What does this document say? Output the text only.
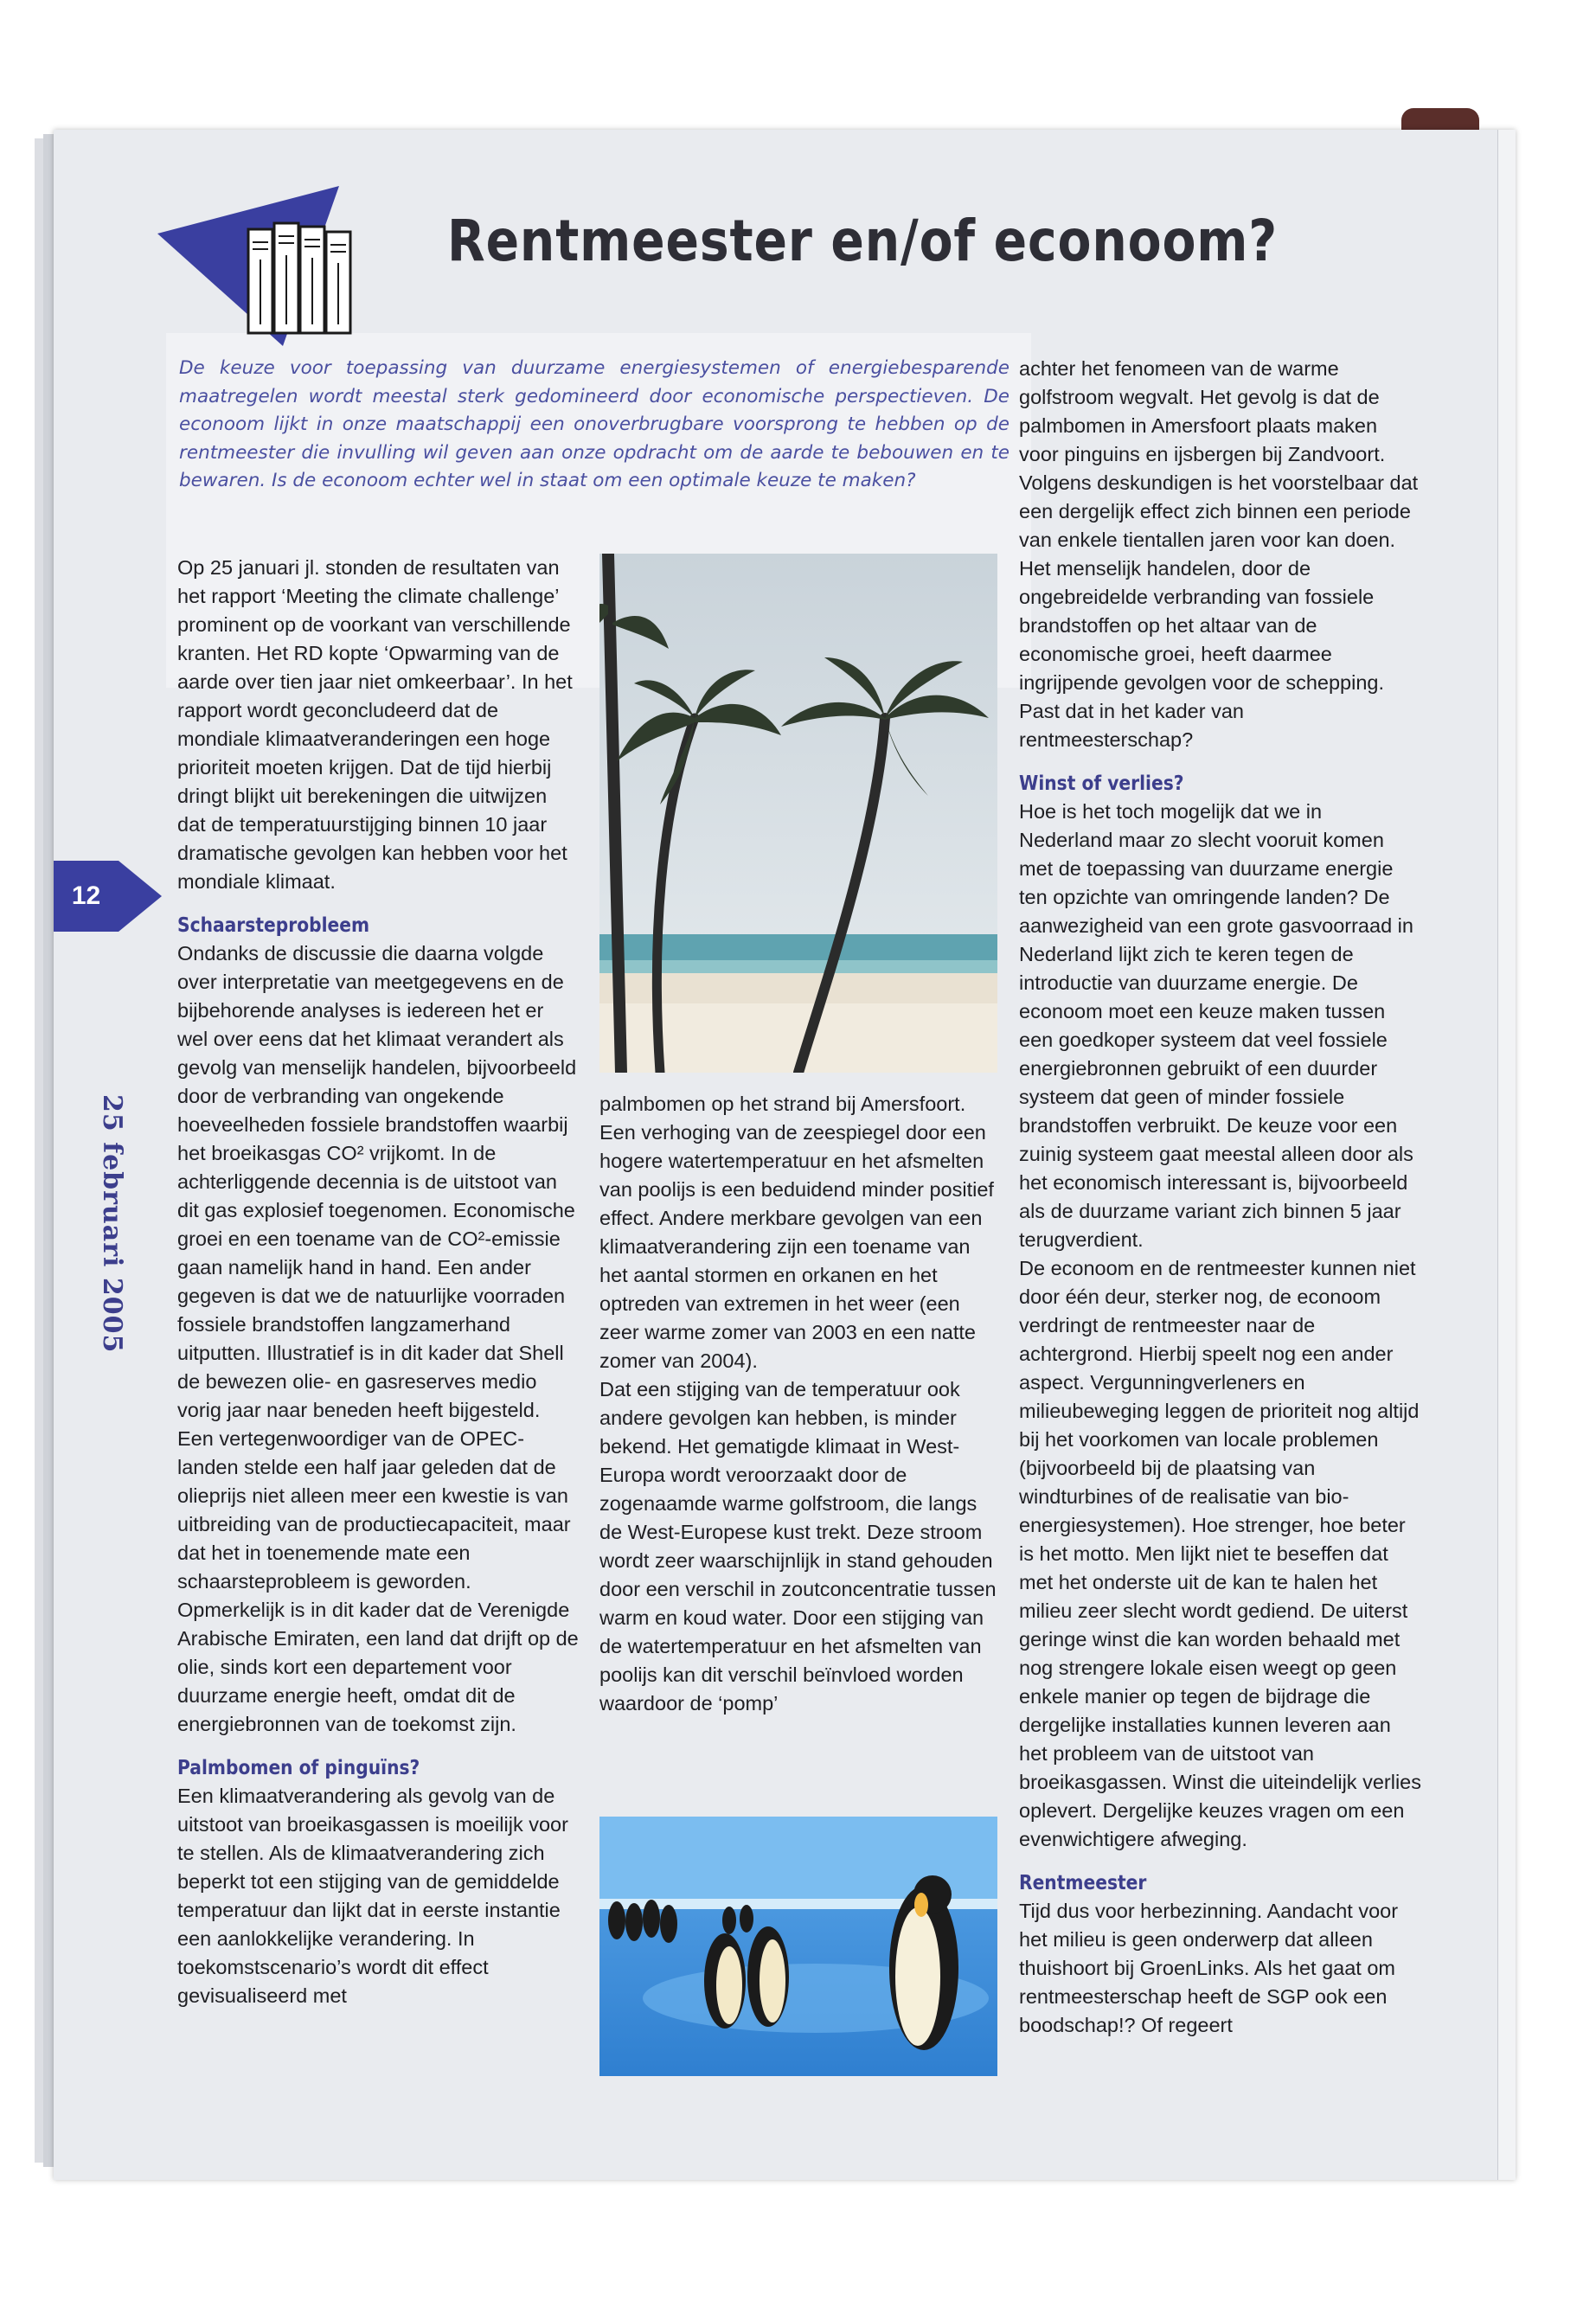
Rentmeester en/of econoom?
De keuze voor toepassing van duurzame energiesystemen of energiebesparende maatregelen wordt meestal sterk gedomineerd door economische perspectieven. De econoom lijkt in onze maatschappij een onoverbrugbare voorsprong te hebben op de rentmeester die invulling wil geven aan onze opdracht om de aarde te bebouwen en te bewaren. Is de econoom echter wel in staat om een optimale keuze te maken?
12
25 februari 2005

Op 25 januari jl. stonden de resultaten van het rapport ‘Meeting the climate challenge’ prominent op de voorkant van verschillende kranten. Het RD kopte ‘Opwarming van de aarde over tien jaar niet omkeerbaar’. In het rapport wordt geconcludeerd dat de mondiale klimaatveranderingen een hoge prioriteit moeten krijgen. Dat de tijd hierbij dringt blijkt uit berekeningen die uitwijzen dat de temperatuurstijging binnen 10 jaar dramatische gevolgen kan hebben voor het mondiale klimaat.

Schaarsteprobleem

Ondanks de discussie die daarna volgde over interpretatie van meetgegevens en de bijbehorende analyses is iedereen het er wel over eens dat het klimaat verandert als gevolg van menselijk handelen, bijvoorbeeld door de verbranding van ongekende hoeveelheden fossiele brandstoffen waarbij het broeikasgas CO² vrijkomt. In de achterliggende decennia is de uitstoot van dit gas explosief toegenomen. Economische groei en een toename van de CO²-emissie gaan namelijk hand in hand. Een ander gegeven is dat we de natuurlijke voorraden fossiele brandstoffen langzamerhand uitputten. Illustratief is in dit kader dat Shell de bewezen olie- en gasreserves medio vorig jaar naar beneden heeft bijgesteld. Een vertegenwoordiger van de OPEC-landen stelde een half jaar geleden dat de olieprijs niet alleen meer een kwestie is van uitbreiding van de productiecapaciteit, maar dat het in toenemende mate een schaarsteprobleem is geworden. Opmerkelijk is in dit kader dat de Verenigde Arabische Emiraten, een land dat drijft op de olie, sinds kort een departement voor duurzame energie heeft, omdat dit de energiebronnen van de toekomst zijn.

Palmbomen of pinguïns?

Een klimaatverandering als gevolg van de uitstoot van broeikasgassen is moeilijk voor te stellen. Als de klimaatverandering zich beperkt tot een stijging van de gemiddelde temperatuur dan lijkt dat in eerste instantie een aanlokkelijke verandering. In toekomstscenario’s wordt dit effect gevisualiseerd met

palmbomen op het strand bij Amersfoort. Een verhoging van de zeespiegel door een hogere watertemperatuur en het afsmelten van poolijs is een beduidend minder positief effect. Andere merkbare gevolgen van een klimaatverandering zijn een toename van het aantal stormen en orkanen en het optreden van extremen in het weer (een zeer warme zomer van 2003 en een natte zomer van 2004).

Dat een stijging van de temperatuur ook andere gevolgen kan hebben, is minder bekend. Het gematigde klimaat in West-Europa wordt veroorzaakt door de zogenaamde warme golfstroom, die langs de West-Europese kust trekt. Deze stroom wordt zeer waarschijnlijk in stand gehouden door een verschil in zoutconcentratie tussen warm en koud water. Door een stijging van de watertemperatuur en het afsmelten van poolijs kan dit verschil beïnvloed worden waardoor de ‘pomp’

achter het fenomeen van de warme golfstroom wegvalt. Het gevolg is dat de palmbomen in Amersfoort plaats maken voor pinguins en ijsbergen bij Zandvoort. Volgens deskundigen is het voorstelbaar dat een dergelijk effect zich binnen een periode van enkele tientallen jaren voor kan doen.

Het menselijk handelen, door de ongebreidelde verbranding van fossiele brandstoffen op het altaar van de economische groei, heeft daarmee ingrijpende gevolgen voor de schepping. Past dat in het kader van rentmeesterschap?

Winst of verlies?

Hoe is het toch mogelijk dat we in Nederland maar zo slecht vooruit komen met de toepassing van duurzame energie ten opzichte van omringende landen? De aanwezigheid van een grote gasvoorraad in Nederland lijkt zich te keren tegen de introductie van duurzame energie. De econoom moet een keuze maken tussen een goedkoper systeem dat veel fossiele energiebronnen gebruikt of een duurder systeem dat geen of minder fossiele brandstoffen verbruikt. De keuze voor een zuinig systeem gaat meestal alleen door als het economisch interessant is, bijvoorbeeld als de duurzame variant zich binnen 5 jaar terugverdient.

De econoom en de rentmeester kunnen niet door één deur, sterker nog, de econoom verdringt de rentmeester naar de achtergrond. Hierbij speelt nog een ander aspect. Vergunningverleners en milieubeweging leggen de prioriteit nog altijd bij het voorkomen van locale problemen (bijvoorbeeld bij de plaatsing van windturbines of de realisatie van bio-energiesystemen). Hoe strenger, hoe beter is het motto. Men lijkt niet te beseffen dat met het onderste uit de kan te halen het milieu zeer slecht wordt gediend. De uiterst geringe winst die kan worden behaald met nog strengere lokale eisen weegt op geen enkele manier op tegen de bijdrage die dergelijke installaties kunnen leveren aan het probleem van de uitstoot van broeikasgassen. Winst die uiteindelijk verlies oplevert. Dergelijke keuzes vragen om een evenwichtigere afweging.

Rentmeester

Tijd dus voor herbezinning. Aandacht voor het milieu is geen onderwerp dat alleen thuishoort bij GroenLinks. Als het gaat om rentmeesterschap heeft de SGP ook een boodschap!? Of regeert
